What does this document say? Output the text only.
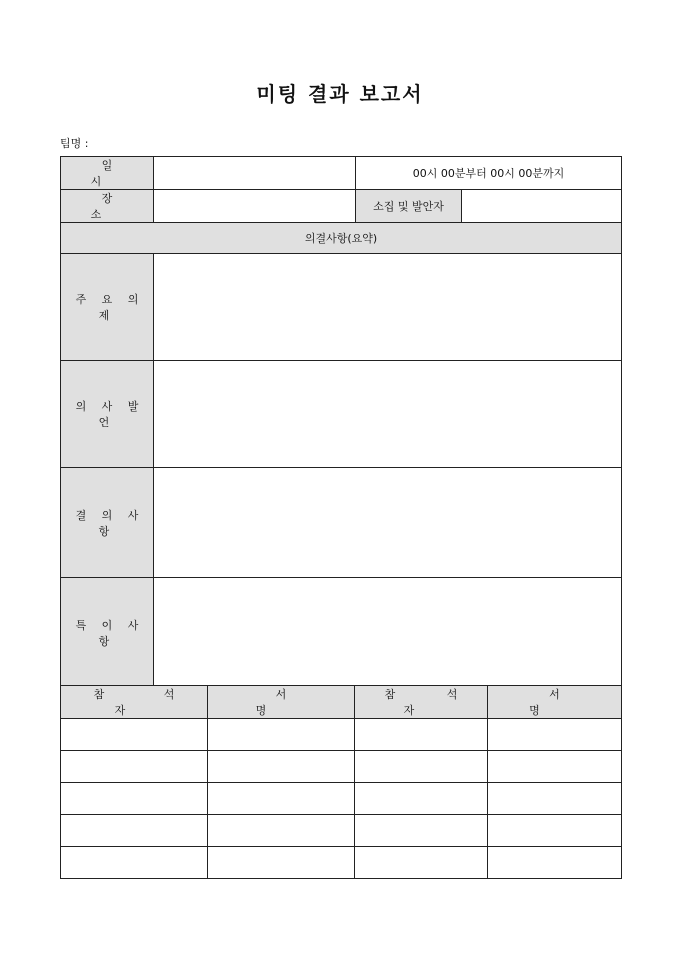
미팅 결과 보고서
팀명 :
일 시		00시 00분부터 00시 00분까지	
장 소		소집 및 발안자	
의결사항(요약)			
주 요 의 제			
의 사 발 언			
결 의 사 항			
특 이 사 항			
참 석 자	서 명	참 석 자	서 명
